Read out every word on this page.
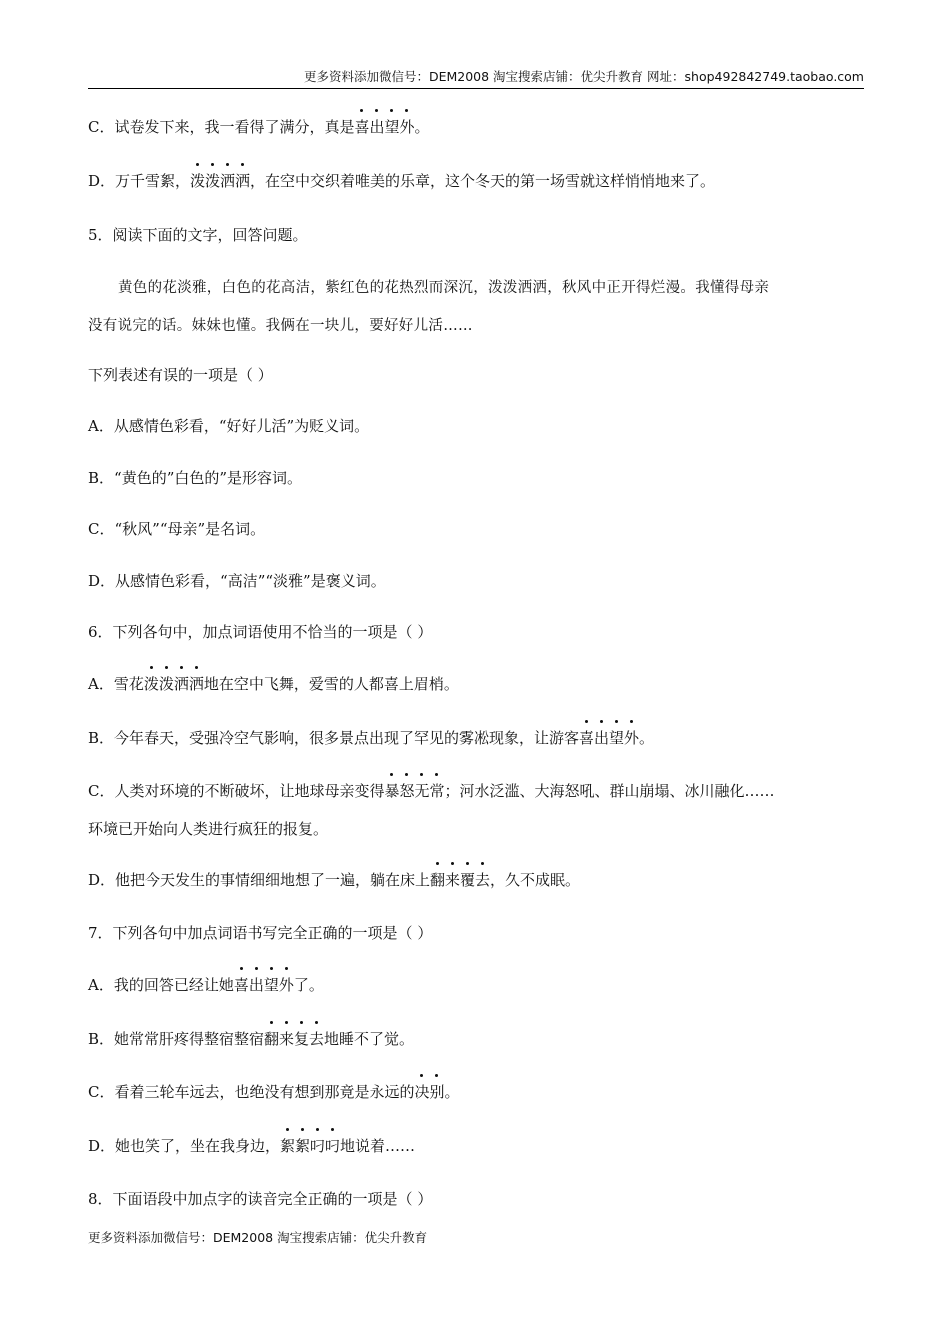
更多资料添加微信号：DEM2008 淘宝搜索店铺：优尖升教育 网址：shop492842749.taobao.com
C．试卷发下来，我一看得了满分，真是
喜出望外。
D．万千雪絮，
泼泼洒洒，在空中交织着唯美的乐章，这个冬天的第一场雪就这样悄悄地来了。
5．阅读下面的文字，回答问题。
黄色的花淡雅，白色的花高洁，紫红色的花热烈而深沉，泼泼洒洒，秋风中正开得烂漫。我懂得母亲
没有说完的话。妹妹也懂。我俩在一块儿，要好好儿活……
下列表述有误的一项是（ ）
A．从感情色彩看，“好好儿活”为贬义词。
B．“黄色的”白色的”是形容词。
C．“秋风”“母亲”是名词。
D．从感情色彩看，“高洁”“淡雅”是褒义词。
6．下列各句中，加点词语使用不恰当的一项是（ ）
A．雪花
泼泼洒洒地在空中飞舞，爱雪的人都喜上眉梢。
B．今年春天，受强冷空气影响，很多景点出现了罕见的雾凇现象，让游客
喜出望外。
C．人类对环境的不断破坏，让地球母亲变得
暴怒无常；河水泛滥、大海怒吼、群山崩塌、冰川融化……
环境已开始向人类进行疯狂的报复。
D．他把今天发生的事情细细地想了一遍，躺在床上
翻来覆去，久不成眠。
7．下列各句中加点词语书写完全正确的一项是（ ）
A．我的回答已经让她
喜出望外了。
B．她常常肝疼得整宿整宿
翻来复去地睡不了觉。
C．看着三轮车远去，也绝没有想到那竟是永远的
决别。
D．她也笑了，坐在我身边，
絮絮叼叼地说着……
8．下面语段中加点字的读音完全正确的一项是（ ）
更多资料添加微信号：DEM2008 淘宝搜索店铺：优尖升教育
